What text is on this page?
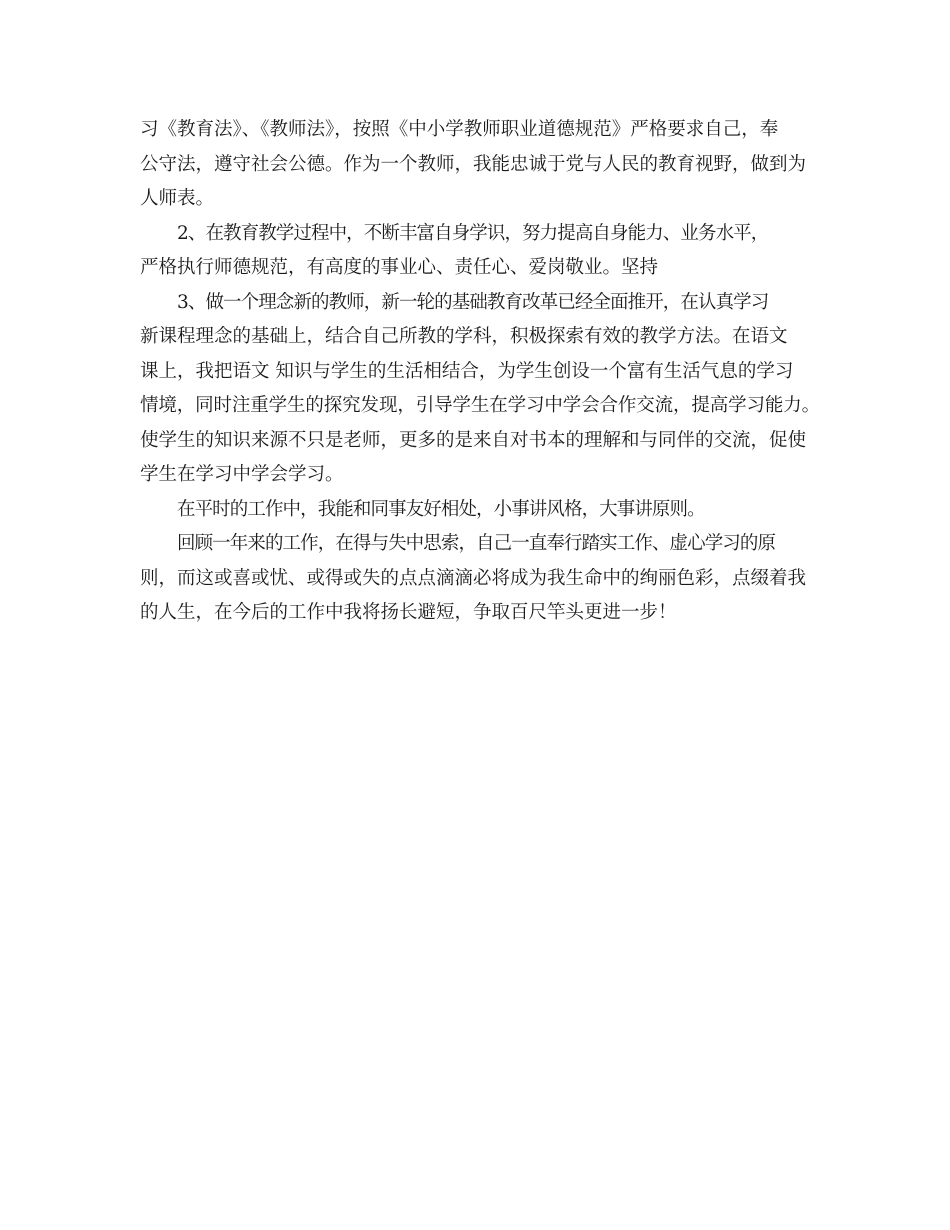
习《教育法》、《教师法》，按照《中小学教师职业道德规范》严格要求自己，奉
公守法，遵守社会公德。作为一个教师，我能忠诚于党与人民的教育视野，做到为
人师表。
2、在教育教学过程中，不断丰富自身学识，努力提高自身能力、业务水平，
严格执行师德规范，有高度的事业心、责任心、爱岗敬业。坚持
3、做一个理念新的教师，新一轮的基础教育改革已经全面推开，在认真学习
新课程理念的基础上，结合自己所教的学科，积极探索有效的教学方法。在语文
课上，我把语文 知识与学生的生活相结合，为学生创设一个富有生活气息的学习
情境，同时注重学生的探究发现，引导学生在学习中学会合作交流，提高学习能力。
使学生的知识来源不只是老师，更多的是来自对书本的理解和与同伴的交流，促使
学生在学习中学会学习。
在平时的工作中，我能和同事友好相处，小事讲风格，大事讲原则。
回顾一年来的工作，在得与失中思索，自己一直奉行踏实工作、虚心学习的原
则，而这或喜或忧、或得或失的点点滴滴必将成为我生命中的绚丽色彩，点缀着我
的人生，在今后的工作中我将扬长避短，争取百尺竿头更进一步！
